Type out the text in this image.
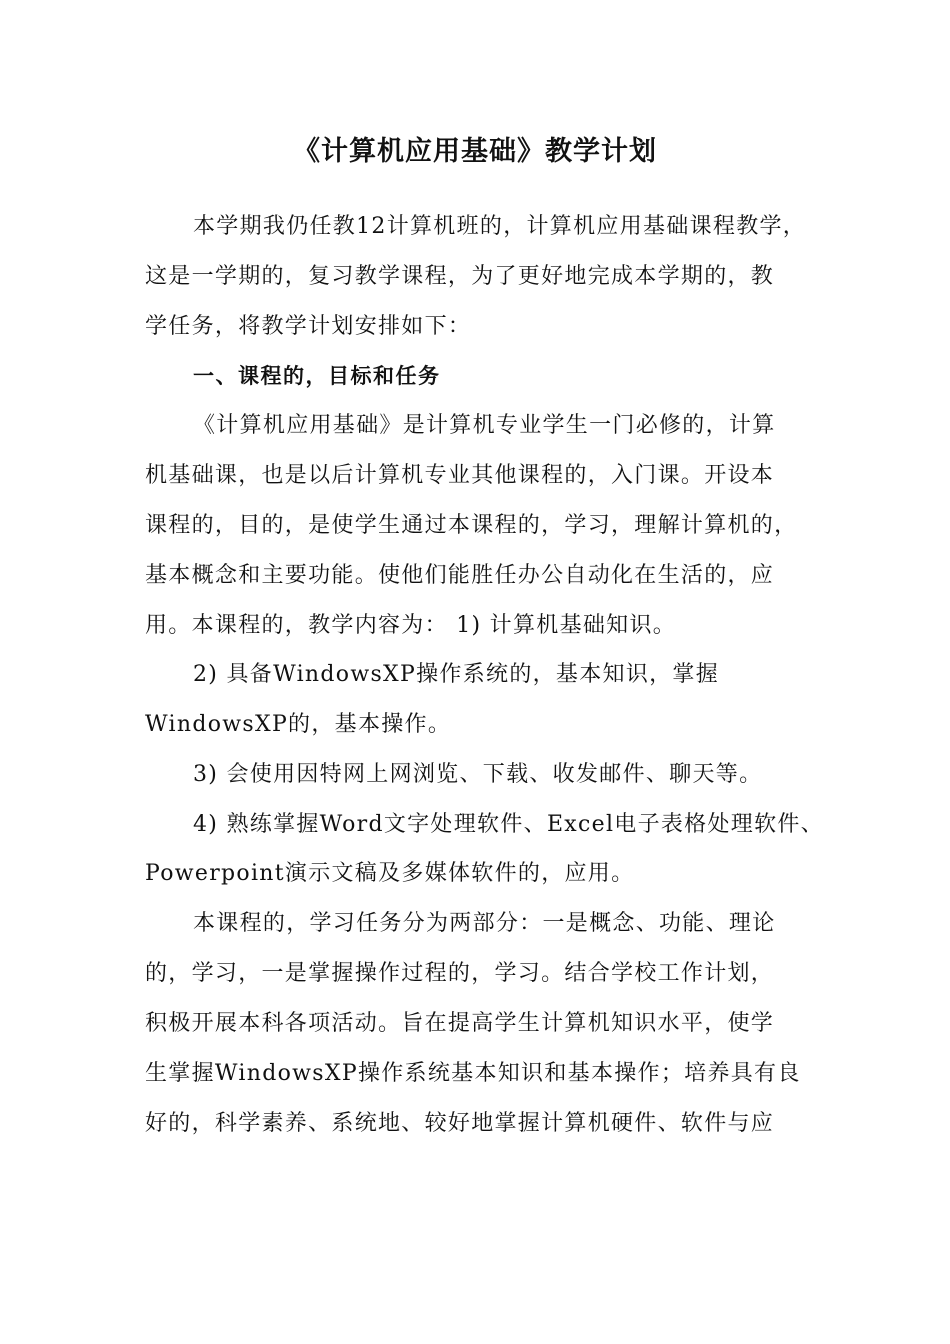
《计算机应用基础》教学计划
本学期我仍任教12计算机班的，计算机应用基础课程教学，
这是一学期的，复习教学课程，为了更好地完成本学期的，教
学任务，将教学计划安排如下：
一、课程的，目标和任务
《计算机应用基础》是计算机专业学生一门必修的，计算
机基础课，也是以后计算机专业其他课程的，入门课。开设本
课程的，目的，是使学生通过本课程的，学习，理解计算机的，
基本概念和主要功能。使他们能胜任办公自动化在生活的，应
用。本课程的，教学内容为： 1) 计算机基础知识。
2) 具备WindowsXP操作系统的，基本知识，掌握
WindowsXP的，基本操作。
3) 会使用因特网上网浏览、下载、收发邮件、聊天等。
4) 熟练掌握Word文字处理软件、Excel电子表格处理软件、
Powerpoint演示文稿及多媒体软件的，应用。
本课程的，学习任务分为两部分：一是概念、功能、理论
的，学习，一是掌握操作过程的，学习。结合学校工作计划，
积极开展本科各项活动。旨在提高学生计算机知识水平，使学
生掌握WindowsXP操作系统基本知识和基本操作；培养具有良
好的，科学素养、系统地、较好地掌握计算机硬件、软件与应
